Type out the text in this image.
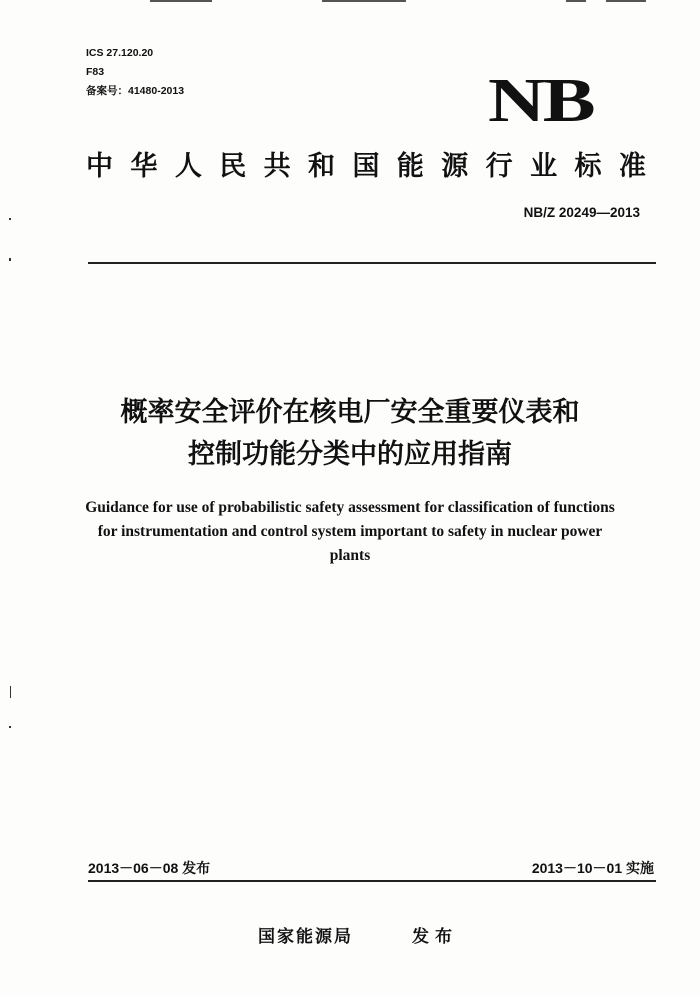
ICS 27.120.20
F83
备案号：41480-2013	NB
中 华 人 民 共 和 国 能 源 行 业 标 准
NB/Z 20249—2013
概率安全评价在核电厂安全重要仪表和
控制功能分类中的应用指南
Guidance for use of probabilistic safety assessment for classification of functions
for instrumentation and control system important to safety in nuclear power
plants
2013－06－08 发布	2013－10－01 实施
国家能源局	发布
